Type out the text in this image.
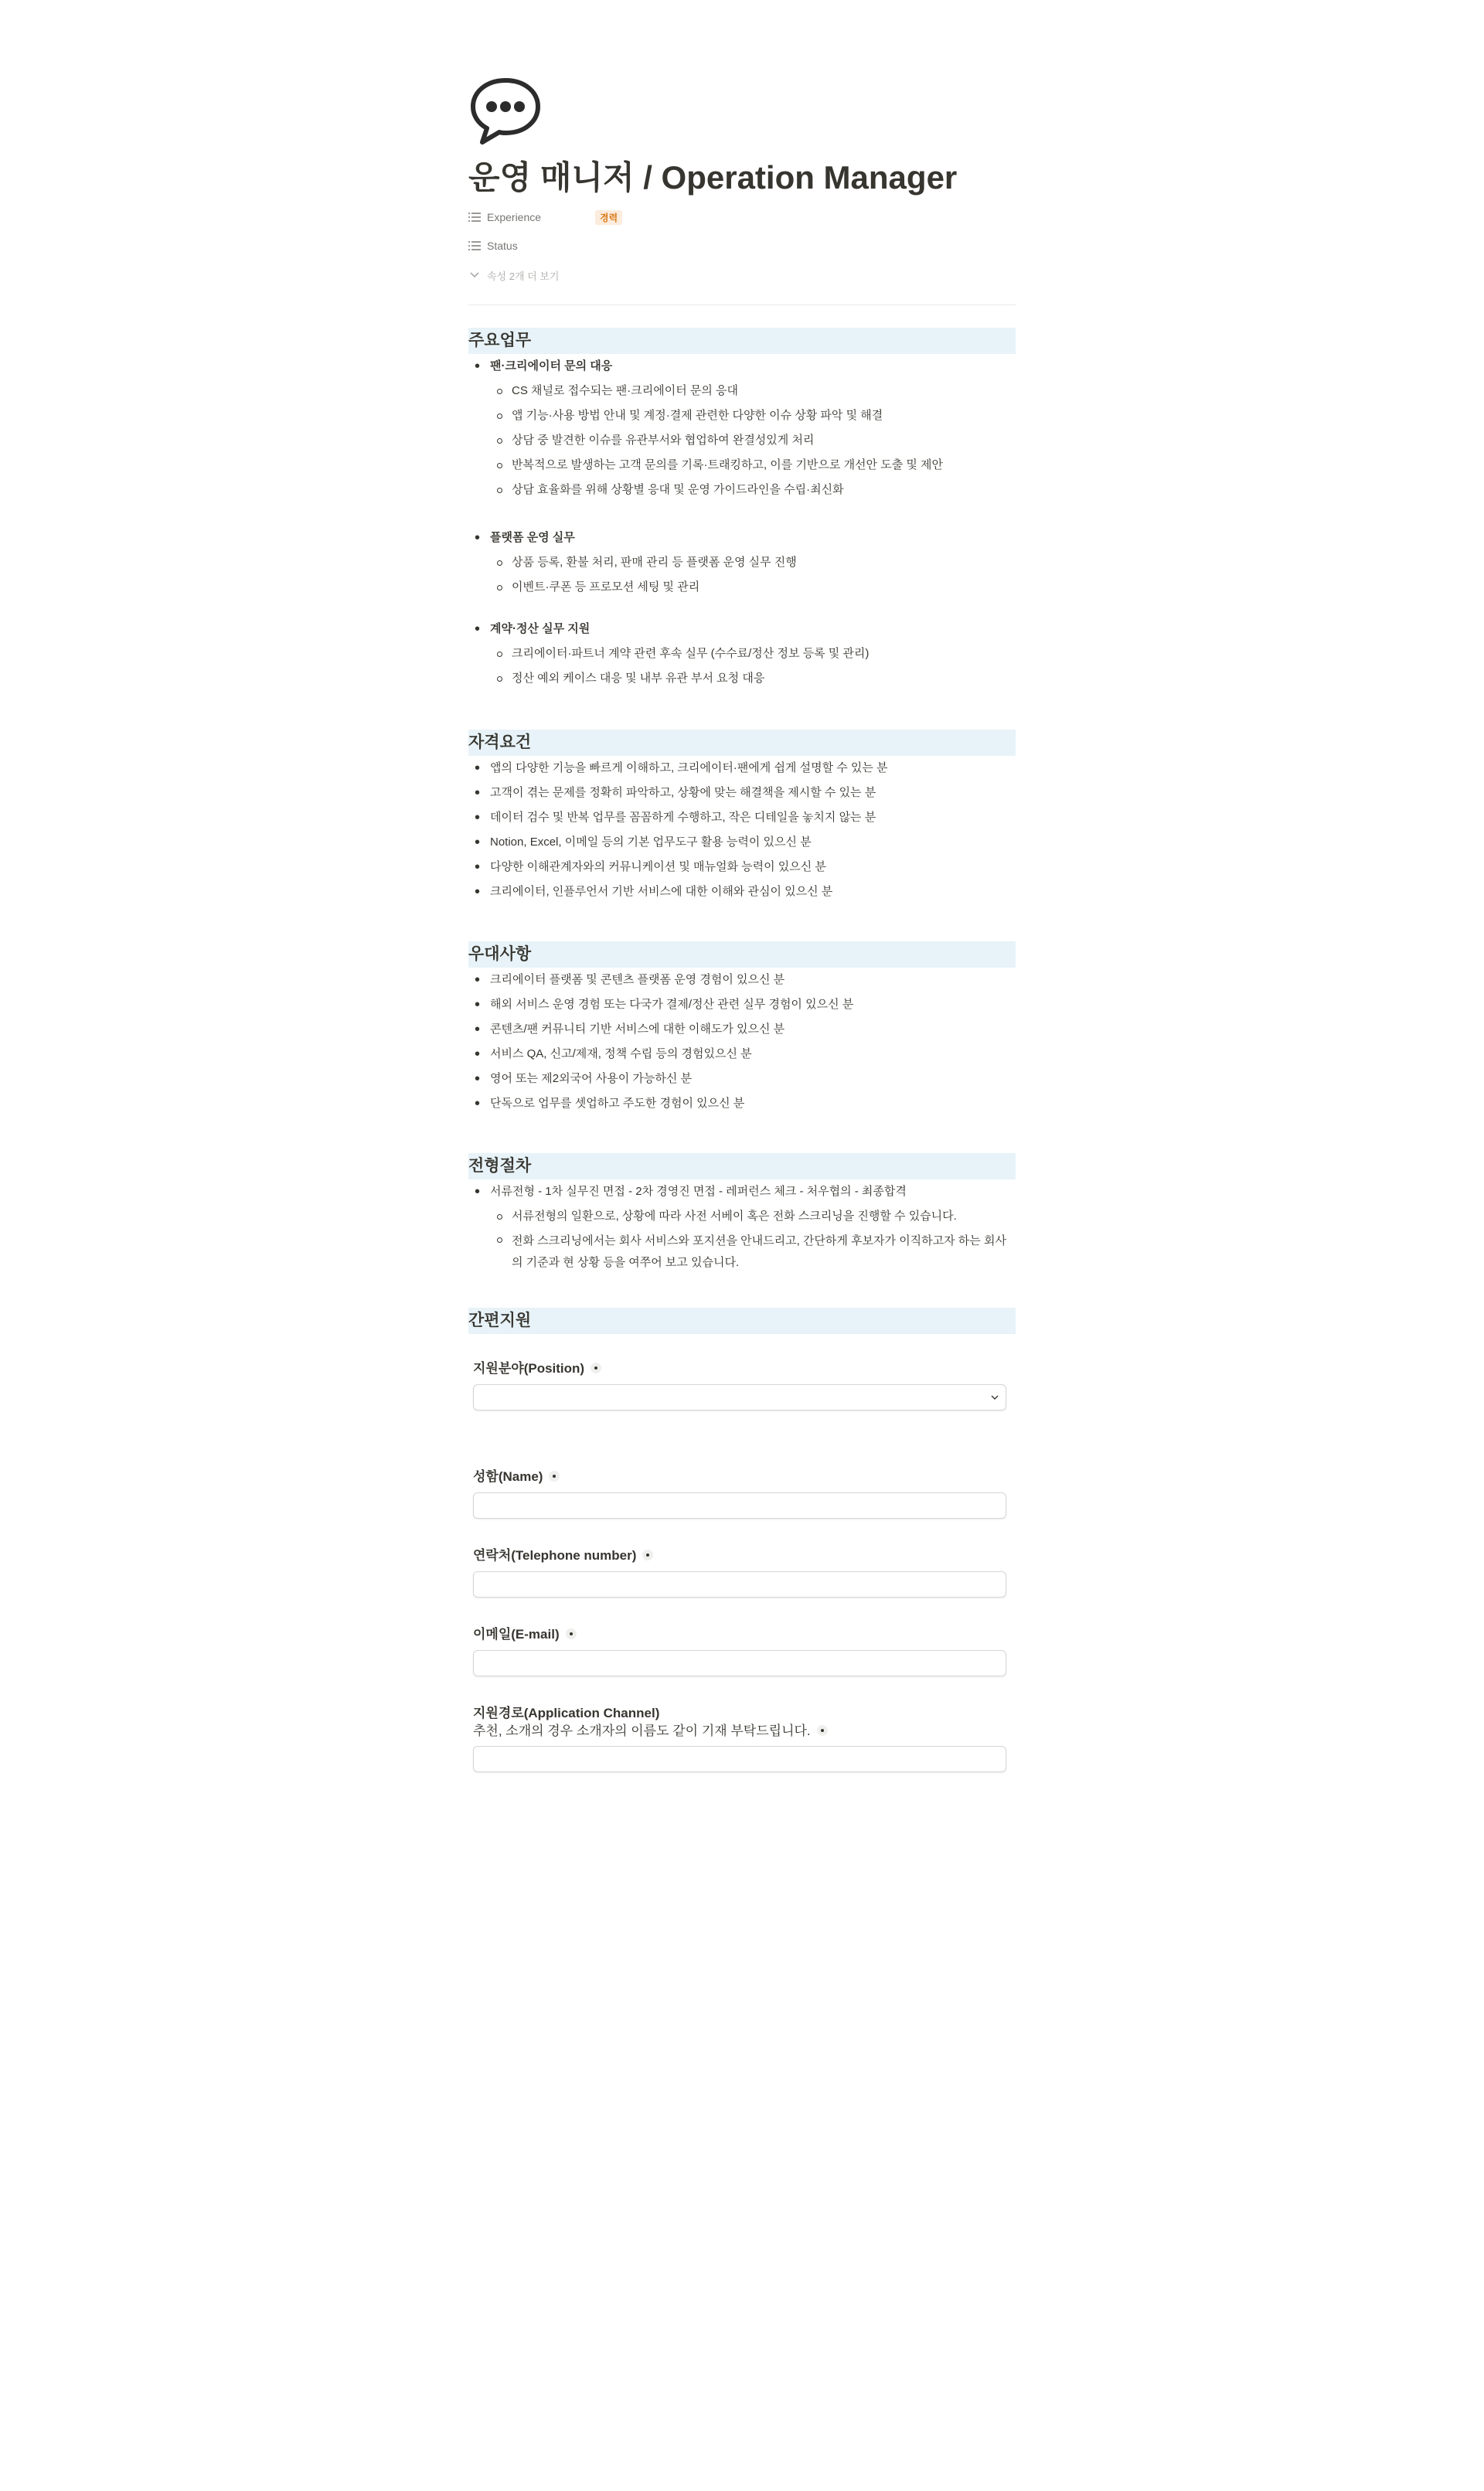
운영 매니저 / Operation Manager
Experience	경력
Status
속성 2개 더 보기
주요업무
• 팬·크리에이터 문의 대응
CS 채널로 접수되는 팬·크리에이터 문의 응대
앱 기능·사용 방법 안내 및 계정·결제 관련한 다양한 이슈 상황 파악 및 해결
상담 중 발견한 이슈를 유관부서와 협업하여 완결성있게 처리
반복적으로 발생하는 고객 문의를 기록·트래킹하고, 이를 기반으로 개선안 도출 및 제안
상담 효율화를 위해 상황별 응대 및 운영 가이드라인을 수립·최신화
• 플랫폼 운영 실무
상품 등록, 환불 처리, 판매 관리 등 플랫폼 운영 실무 진행
이벤트·쿠폰 등 프로모션 세팅 및 관리
• 계약·정산 실무 지원
크리에이터·파트너 계약 관련 후속 실무 (수수료/정산 정보 등록 및 관리)
정산 예외 케이스 대응 및 내부 유관 부서 요청 대응
자격요건
• 앱의 다양한 기능을 빠르게 이해하고, 크리에이터·팬에게 쉽게 설명할 수 있는 분
• 고객이 겪는 문제를 정확히 파악하고, 상황에 맞는 해결책을 제시할 수 있는 분
• 데이터 검수 및 반복 업무를 꼼꼼하게 수행하고, 작은 디테일을 놓치지 않는 분
• Notion, Excel, 이메일 등의 기본 업무도구 활용 능력이 있으신 분
• 다양한 이해관계자와의 커뮤니케이션 및 매뉴얼화 능력이 있으신 분
• 크리에이터, 인플루언서 기반 서비스에 대한 이해와 관심이 있으신 분
우대사항
• 크리에이터 플랫폼 및 콘텐츠 플랫폼 운영 경험이 있으신 분
• 해외 서비스 운영 경험 또는 다국가 결제/정산 관련 실무 경험이 있으신 분
• 콘텐츠/팬 커뮤니티 기반 서비스에 대한 이해도가 있으신 분
• 서비스 QA, 신고/제재, 정책 수립 등의 경험있으신 분
• 영어 또는 제2외국어 사용이 가능하신 분
• 단독으로 업무를 셋업하고 주도한 경험이 있으신 분
전형절차
• 서류전형 - 1차 실무진 면접 - 2차 경영진 면접 - 레퍼런스 체크 - 처우협의 - 최종합격
서류전형의 일환으로, 상황에 따라 사전 서베이 혹은 전화 스크리닝을 진행할 수 있습니다.
전화 스크리닝에서는 회사 서비스와 포지션을 안내드리고, 간단하게 후보자가 이직하고자 하는 회사의 기준과 현 상황 등을 여쭈어 보고 있습니다.
간편지원
지원분야(Position)
성함(Name)
연락처(Telephone number)
이메일(E-mail)
지원경로(Application Channel)
추천, 소개의 경우 소개자의 이름도 같이 기재 부탁드립니다.
